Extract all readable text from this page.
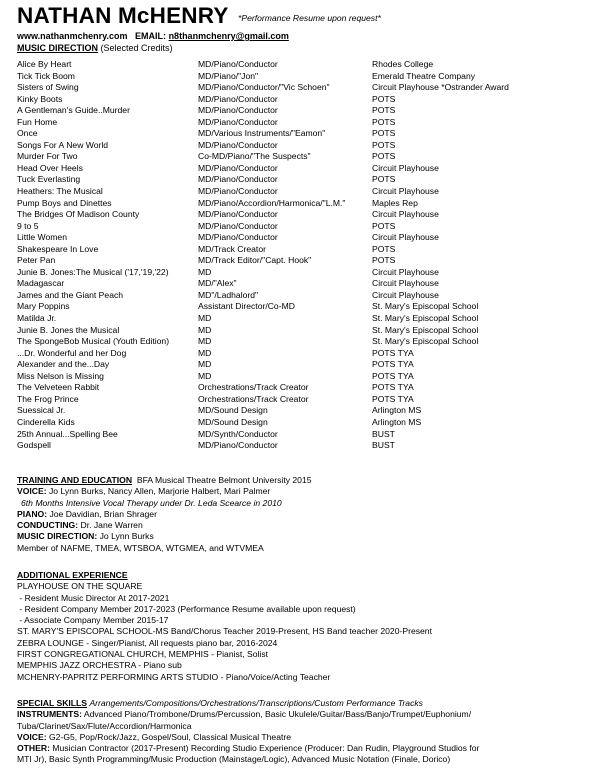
NATHAN McHENRY *Performance Resume upon request*
www.nathanmchenry.com EMAIL: n8thanmchenry@gmail.com
MUSIC DIRECTION (Selected Credits)
Alice By Heart	MD/Piano/Conductor	Rhodes College
Tick Tick Boom	MD/Piano/"Jon"	Emerald Theatre Company
Sisters of Swing	MD/Piano/Conductor/"Vic Schoen"	Circuit Playhouse *Ostrander Award
Kinky Boots	MD/Piano/Conductor	POTS
A Gentleman's Guide..Murder	MD/Piano/Conductor	POTS
Fun Home	MD/Piano/Conductor	POTS
Once	MD/Various Instruments/"Eamon"	POTS
Songs For A New World	MD/Piano/Conductor	POTS
Murder For Two	Co-MD/Piano/"The Suspects"	POTS
Head Over Heels	MD/Piano/Conductor	Circuit Playhouse
Tuck Everlasting	MD/Piano/Conductor	POTS
Heathers: The Musical	MD/Piano/Conductor	Circuit Playhouse
Pump Boys and Dinettes	MD/Piano/Accordion/Harmonica/"L.M."	Maples Rep
The Bridges Of Madison County	MD/Piano/Conductor	Circuit Playhouse
9 to 5	MD/Piano/Conductor	POTS
Little Women	MD/Piano/Conductor	Circuit Playhouse
Shakespeare In Love	MD/Track Creator	POTS
Peter Pan	MD/Track Editor/"Capt. Hook"	POTS
Junie B. Jones:The Musical ('17,'19,'22)	MD	Circuit Playhouse
Madagascar	MD/"Alex"	Circuit Playhouse
James and the Giant Peach	MD"/Ladhalord"	Circuit Playhouse
Mary Poppins	Assistant Director/Co-MD	St. Mary's Episcopal School
Matilda Jr.	MD	St. Mary's Episcopal School
Junie B. Jones the Musical	MD	St. Mary's Episcopal School
The SpongeBob Musical (Youth Edition)	MD	St. Mary's Episcopal School
...Dr. Wonderful and her Dog	MD	POTS TYA
Alexander and the...Day	MD	POTS TYA
Miss Nelson is Missing	MD	POTS TYA
The Velveteen Rabbit	Orchestrations/Track Creator	POTS TYA
The Frog Prince	Orchestrations/Track Creator	POTS TYA
Suessical Jr.	MD/Sound Design	Arlington MS
Cinderella Kids	MD/Sound Design	Arlington MS
25th Annual...Spelling Bee	MD/Synth/Conductor	BUST
Godspell	MD/Piano/Conductor	BUST
TRAINING AND EDUCATION BFA Musical Theatre Belmont University 2015
VOICE: Jo Lynn Burks, Nancy Allen, Marjorie Halbert, Mari Palmer
6th Months Intensive Vocal Therapy under Dr. Leda Scearce in 2010
PIANO: Joe Davidian, Brian Shrager
CONDUCTING: Dr. Jane Warren
MUSIC DIRECTION: Jo Lynn Burks
Member of NAFME, TMEA, WTSBOA, WTGMEA, and WTVMEA
ADDITIONAL EXPERIENCE
PLAYHOUSE ON THE SQUARE
- Resident Music Director At 2017-2021
- Resident Company Member 2017-2023 (Performance Resume available upon request)
- Associate Company Member 2015-17
ST. MARY'S EPISCOPAL SCHOOL-MS Band/Chorus Teacher 2019-Present, HS Band teacher 2020-Present
ZEBRA LOUNGE - Singer/Pianist, All requests piano bar, 2016-2024
FIRST CONGREGATIONAL CHURCH, MEMPHIS - Pianist, Solist
MEMPHIS JAZZ ORCHESTRA - Piano sub
MCHENRY-PAPRITZ PERFORMING ARTS STUDIO - Piano/Voice/Acting Teacher
SPECIAL SKILLS Arrangements/Compositions/Orchestrations/Transcriptions/Custom Performance Tracks
INSTRUMENTS: Advanced Piano/Trombone/Drums/Percussion, Basic Ukulele/Guitar/Bass/Banjo/Trumpet/Euphonium/
Tuba/Clarinet/Sax/Flute/Accordion/Harmonica
VOICE: G2-G5, Pop/Rock/Jazz, Gospel/Soul, Classical Musical Theatre
OTHER: Musician Contractor (2017-Present) Recording Studio Experience (Producer: Dan Rudin, Playground Studios for
MTI Jr), Basic Synth Programming/Music Production (Mainstage/Logic), Advanced Music Notation (Finale, Dorico)
